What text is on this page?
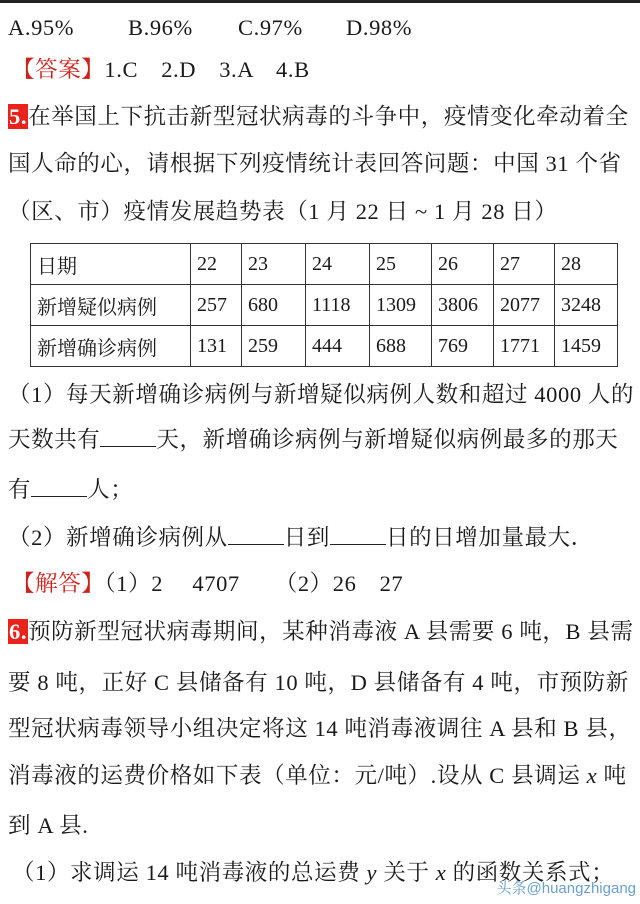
A.95% B.96% C.97% D.98%
【答案】1.C　2.D　3.A　4.B
5.在举国上下抗击新型冠状病毒的斗争中，疫情变化牵动着全
国人命的心，请根据下列疫情统计表回答问题：中国 31 个省
（区、市）疫情发展趋势表（1 月 22 日 ~ 1 月 28 日）
日期	22	23	24	25	26	27	28
新增疑似病例	257	680	1118	1309	3806	2077	3248
新增确诊病例	131	259	444	688	769	1771	1459
（1）每天新增确诊病例与新增疑似病例人数和超过 4000 人的
天数共有 天，新增确诊病例与新增疑似病例最多的那天
有 人；
（2）新增确诊病例从 日到 日的日增加量最大．
【解答】（1）2　 4707　　（2）26　27
6.预防新型冠状病毒期间，某种消毒液 A 县需要 6 吨，B 县需
要 8 吨，正好 C 县储备有 10 吨，D 县储备有 4 吨，市预防新
型冠状病毒领导小组决定将这 14 吨消毒液调往 A 县和 B 县，
消毒液的运费价格如下表（单位：元/吨）.设从 C 县调运 x 吨
到 A 县.
（1）求调运 14 吨消毒液的总运费 y 关于 x 的函数关系式；
头条@huangzhigang
